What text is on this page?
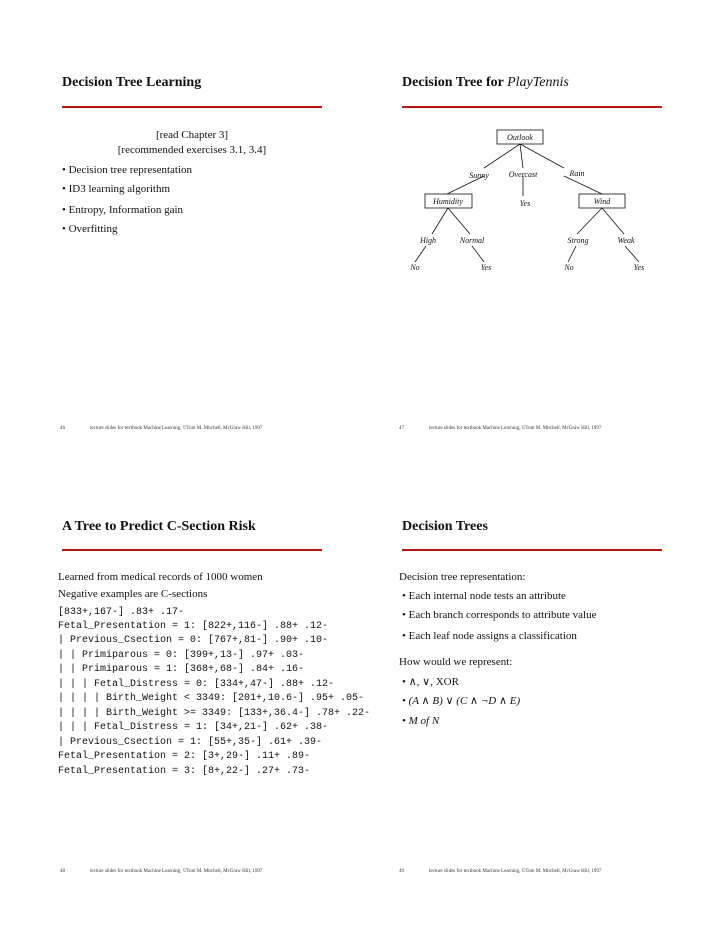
Decision Tree Learning
[read Chapter 3]
[recommended exercises 3.1, 3.4]
• Decision tree representation
• ID3 learning algorithm
• Entropy, Information gain
• Overfitting
46	lecture slides for textbook Machine Learning, ©Tom M. Mitchell, McGraw Hill, 1997
Decision Tree for PlayTennis
Outlook
Sunny Overcast	Rain
Yes
Humidity	Wind
High	Normal	Strong	Weak
No	Yes	No	Yes
47	lecture slides for textbook Machine Learning, ©Tom M. Mitchell, McGraw Hill, 1997
A Tree to Predict C-Section Risk
Learned from medical records of 1000 women
Negative examples are C-sections
[833+,167-] .83+ .17-
Fetal_Presentation = 1: [822+,116-] .88+ .12-
| Previous_Csection = 0: [767+,81-] .90+ .10-
| | Primiparous = 0: [399+,13-] .97+ .03-
| | Primiparous = 1: [368+,68-] .84+ .16-
| | | Fetal_Distress = 0: [334+,47-] .88+ .12-
| | | | Birth_Weight < 3349: [201+,10.6-] .95+ .05-
| | | | Birth_Weight >= 3349: [133+,36.4-] .78+ .22-
| | | Fetal_Distress = 1: [34+,21-] .62+ .38-
| Previous_Csection = 1: [55+,35-] .61+ .39-
Fetal_Presentation = 2: [3+,29-] .11+ .89-
Fetal_Presentation = 3: [8+,22-] .27+ .73-
48	lecture slides for textbook Machine Learning, ©Tom M. Mitchell, McGraw Hill, 1997
Decision Trees
Decision tree representation:
• Each internal node tests an attribute
• Each branch corresponds to attribute value
• Each leaf node assigns a classification
How would we represent:
• ∧, ∨, XOR
• (A ∧ B) ∨ (C ∧ ¬D ∧ E)
• M of N
49	lecture slides for textbook Machine Learning, ©Tom M. Mitchell, McGraw Hill, 1997
